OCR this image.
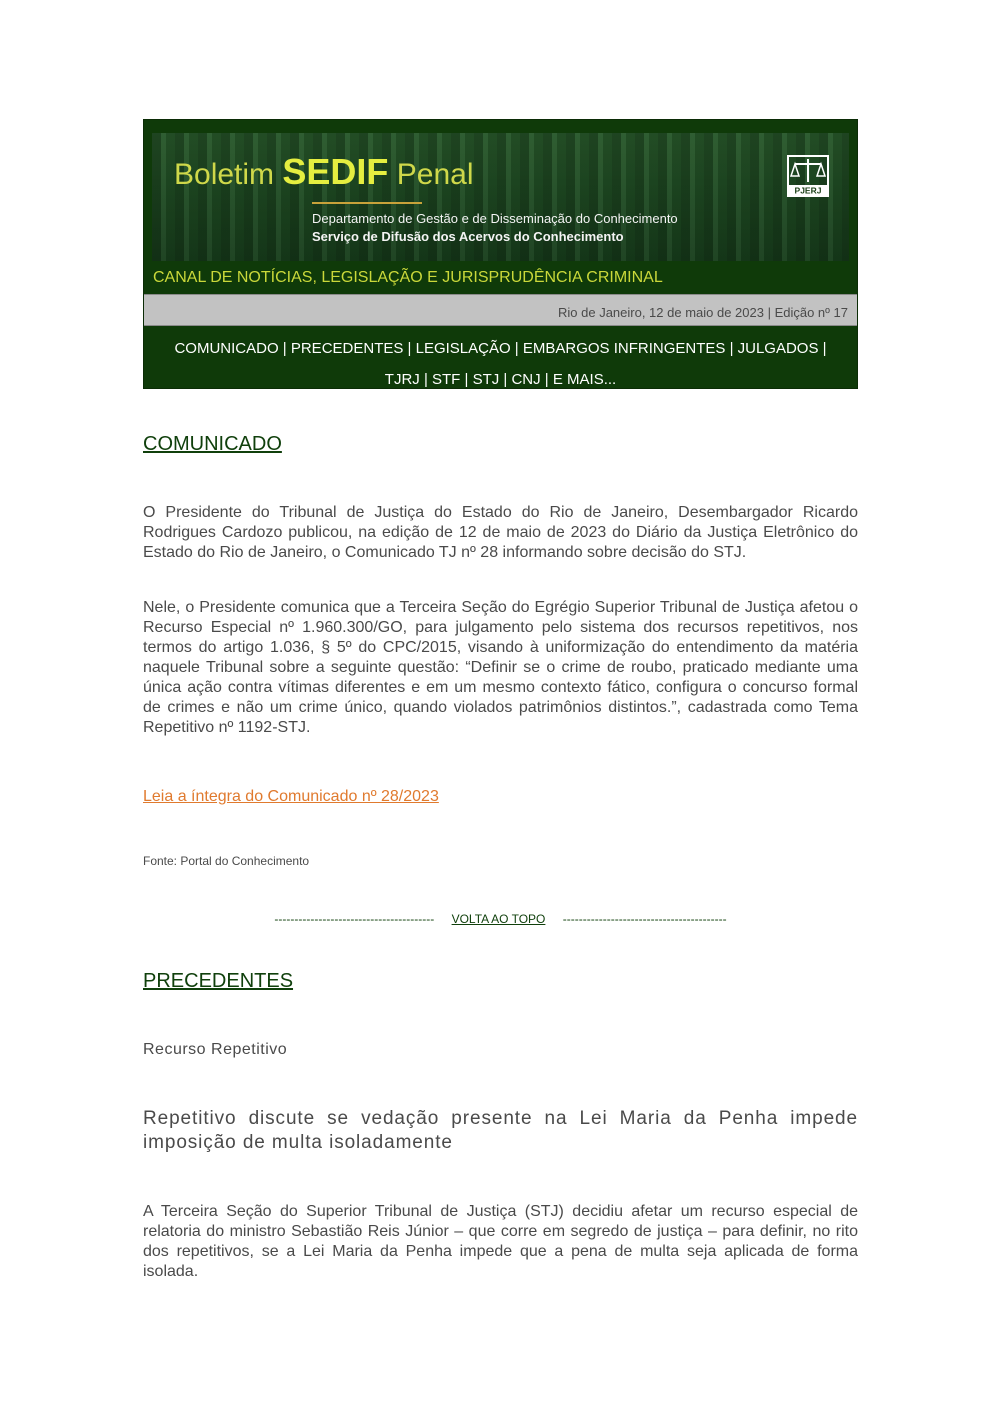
Boletim SEDIF Penal
Departamento de Gestão e de Disseminação do Conhecimento
Serviço de Difusão dos Acervos do Conhecimento
PJERJ
CANAL DE NOTÍCIAS, LEGISLAÇÃO E JURISPRUDÊNCIA CRIMINAL
Rio de Janeiro, 12 de maio de 2023 | Edição nº 17
COMUNICADO | PRECEDENTES | LEGISLAÇÃO | EMBARGOS INFRINGENTES | JULGADOS |
TJRJ | STF | STJ | CNJ | E MAIS...
COMUNICADO

O Presidente do Tribunal de Justiça do Estado do Rio de Janeiro, Desembargador Ricardo Rodrigues Cardozo publicou, na edição de 12 de maio de 2023 do Diário da Justiça Eletrônico do Estado do Rio de Janeiro, o Comunicado TJ nº 28 informando sobre decisão do STJ.

Nele, o Presidente comunica que a Terceira Seção do Egrégio Superior Tribunal de Justiça afetou o Recurso Especial nº 1.960.300/GO, para julgamento pelo sistema dos recursos repetitivos, nos termos do artigo 1.036, § 5º do CPC/2015, visando à uniformização do entendimento da matéria naquele Tribunal sobre a seguinte questão: “Definir se o crime de roubo, praticado mediante uma única ação contra vítimas diferentes e em um mesmo contexto fático, configura o concurso formal de crimes e não um crime único, quando violados patrimônios distintos.”, cadastrada como Tema Repetitivo nº 1192-STJ.

Leia a íntegra do Comunicado nº 28/2023
Fonte: Portal do Conhecimento
---------------------------------------- VOLTA AO TOPO -----------------------------------------
PRECEDENTES
Recurso Repetitivo
Repetitivo discute se vedação presente na Lei Maria da Penha impede imposição de multa isoladamente

A Terceira Seção do Superior Tribunal de Justiça (STJ) decidiu afetar um recurso especial de relatoria do ministro Sebastião Reis Júnior – que corre em segredo de justiça – para definir, no rito dos repetitivos, se a Lei Maria da Penha impede que a pena de multa seja aplicada de forma isolada.
